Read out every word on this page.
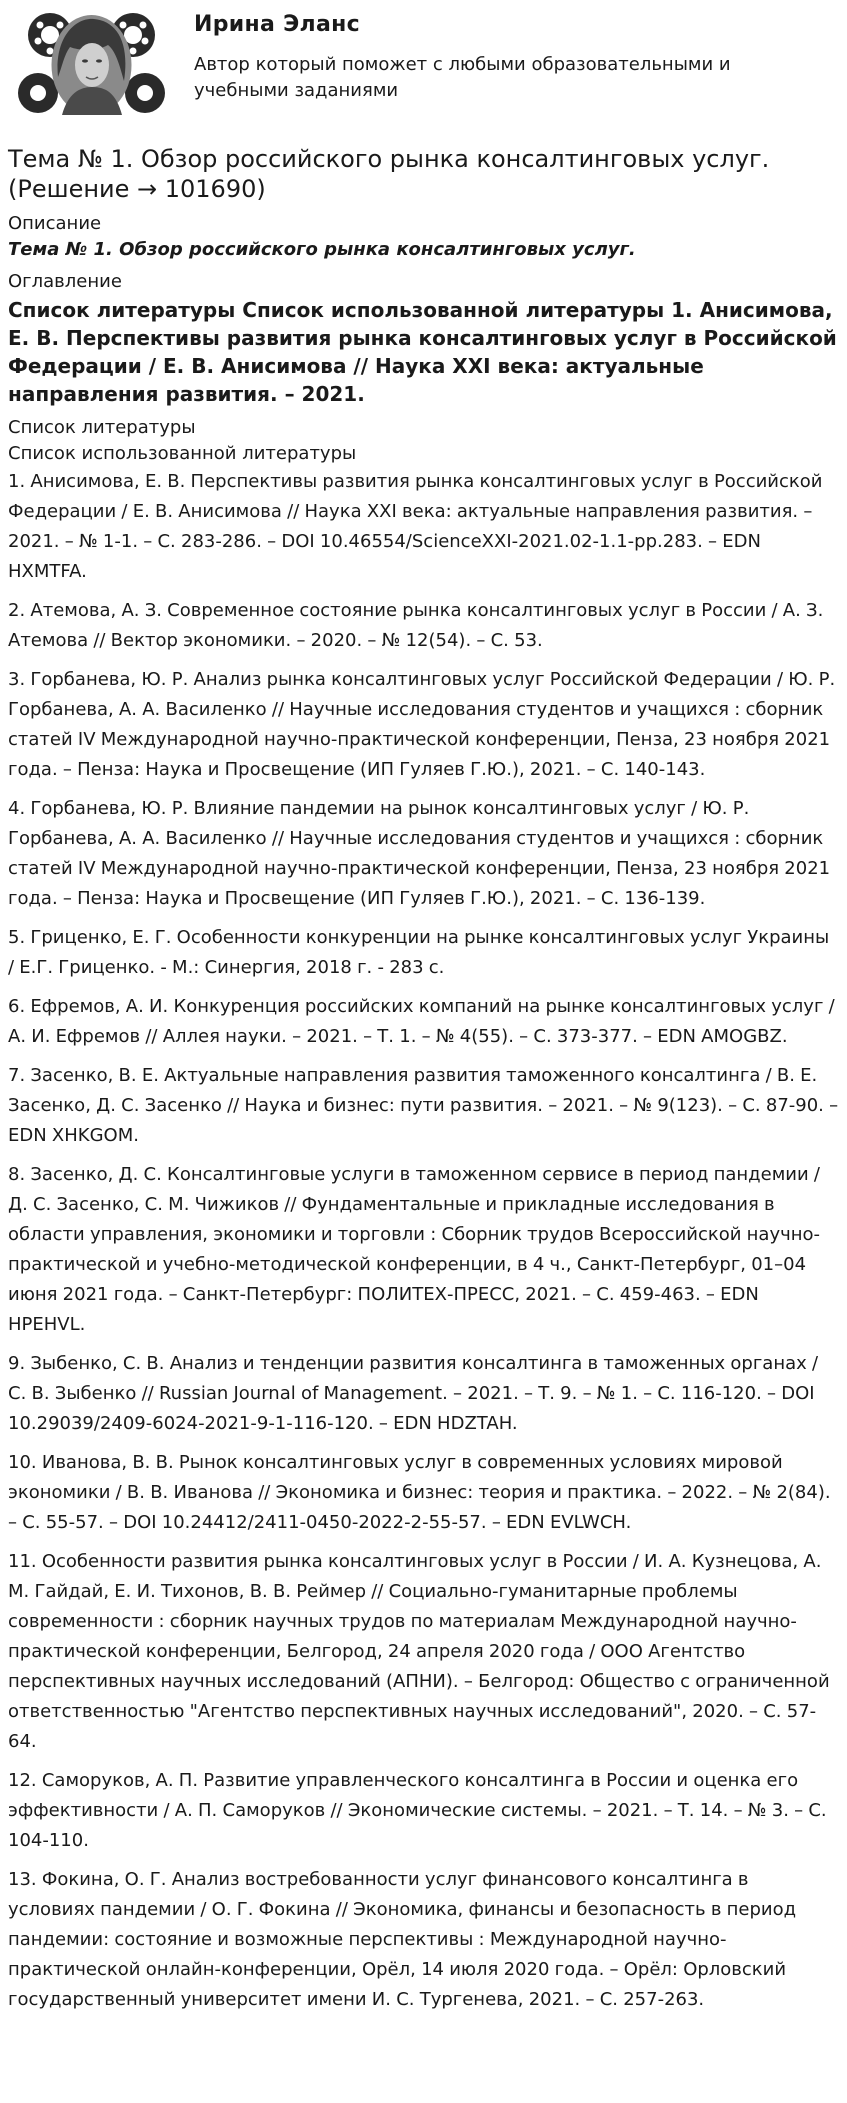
Ирина Эланс
Автор который поможет с любыми образовательными и учебными заданиями
Тема № 1. Обзор российского рынка консалтинговых услуг. (Решение → 101690)
Описание
Тема № 1. Обзор российского рынка консалтинговых услуг.
Оглавление
Список литературы Список использованной литературы 1. Анисимова, Е. В. Перспективы развития рынка консалтинговых услуг в Российской Федерации / Е. В. Анисимова // Наука XXI века: актуальные направления развития. – 2021.
Список литературы
Список использованной литературы
1. Анисимова, Е. В. Перспективы развития рынка консалтинговых услуг в Российской Федерации / Е. В. Анисимова // Наука XXI века: актуальные направления развития. – 2021. – № 1-1. – С. 283-286. – DOI 10.46554/ScienceXXI-2021.02-1.1-pp.283. – EDN HXMTFA.
2. Атемова, А. З. Современное состояние рынка консалтинговых услуг в России / А. З. Атемова // Вектор экономики. – 2020. – № 12(54). – С. 53.
3. Горбанева, Ю. Р. Анализ рынка консалтинговых услуг Российской Федерации / Ю. Р. Горбанева, А. А. Василенко // Научные исследования студентов и учащихся : сборник статей IV Международной научно-практической конференции, Пенза, 23 ноября 2021 года. – Пенза: Наука и Просвещение (ИП Гуляев Г.Ю.), 2021. – С. 140-143.
4. Горбанева, Ю. Р. Влияние пандемии на рынок консалтинговых услуг / Ю. Р. Горбанева, А. А. Василенко // Научные исследования студентов и учащихся : сборник статей IV Международной научно-практической конференции, Пенза, 23 ноября 2021 года. – Пенза: Наука и Просвещение (ИП Гуляев Г.Ю.), 2021. – С. 136-139.
5. Гриценко, Е. Г. Особенности конкуренции на рынке консалтинговых услуг Украины / Е.Г. Гриценко. - М.: Синергия, 2018 г. - 283 с.
6. Ефремов, А. И. Конкуренция российских компаний на рынке консалтинговых услуг / А. И. Ефремов // Аллея науки. – 2021. – Т. 1. – № 4(55). – С. 373-377. – EDN AMOGBZ.
7. Засенко, В. Е. Актуальные направления развития таможенного консалтинга / В. Е. Засенко, Д. С. Засенко // Наука и бизнес: пути развития. – 2021. – № 9(123). – С. 87-90. – EDN XHKGOM.
8. Засенко, Д. С. Консалтинговые услуги в таможенном сервисе в период пандемии / Д. С. Засенко, С. М. Чижиков // Фундаментальные и прикладные исследования в области управления, экономики и торговли : Сборник трудов Всероссийской научно-практической и учебно-методической конференции, в 4 ч., Санкт-Петербург, 01–04 июня 2021 года. – Санкт-Петербург: ПОЛИТЕХ-ПРЕСС, 2021. – С. 459-463. – EDN HPEHVL.
9. Зыбенко, С. В. Анализ и тенденции развития консалтинга в таможенных органах / С. В. Зыбенко // Russian Journal of Management. – 2021. – Т. 9. – № 1. – С. 116-120. – DOI 10.29039/2409-6024-2021-9-1-116-120. – EDN HDZTAH.
10. Иванова, В. В. Рынок консалтинговых услуг в современных условиях мировой экономики / В. В. Иванова // Экономика и бизнес: теория и практика. – 2022. – № 2(84). – С. 55-57. – DOI 10.24412/2411-0450-2022-2-55-57. – EDN EVLWCH.
11. Особенности развития рынка консалтинговых услуг в России / И. А. Кузнецова, А. М. Гайдай, Е. И. Тихонов, В. В. Реймер // Социально-гуманитарные проблемы современности : сборник научных трудов по материалам Международной научно-практической конференции, Белгород, 24 апреля 2020 года / ООО Агентство перспективных научных исследований (АПНИ). – Белгород: Общество с ограниченной ответственностью "Агентство перспективных научных исследований", 2020. – С. 57-64.
12. Саморуков, А. П. Развитие управленческого консалтинга в России и оценка его эффективности / А. П. Саморуков // Экономические системы. – 2021. – Т. 14. – № 3. – С. 104-110.
13. Фокина, О. Г. Анализ востребованности услуг финансового консалтинга в условиях пандемии / О. Г. Фокина // Экономика, финансы и безопасность в период пандемии: состояние и возможные перспективы : Международной научно-практической онлайн-конференции, Орёл, 14 июля 2020 года. – Орёл: Орловский государственный университет имени И. С. Тургенева, 2021. – С. 257-263.
